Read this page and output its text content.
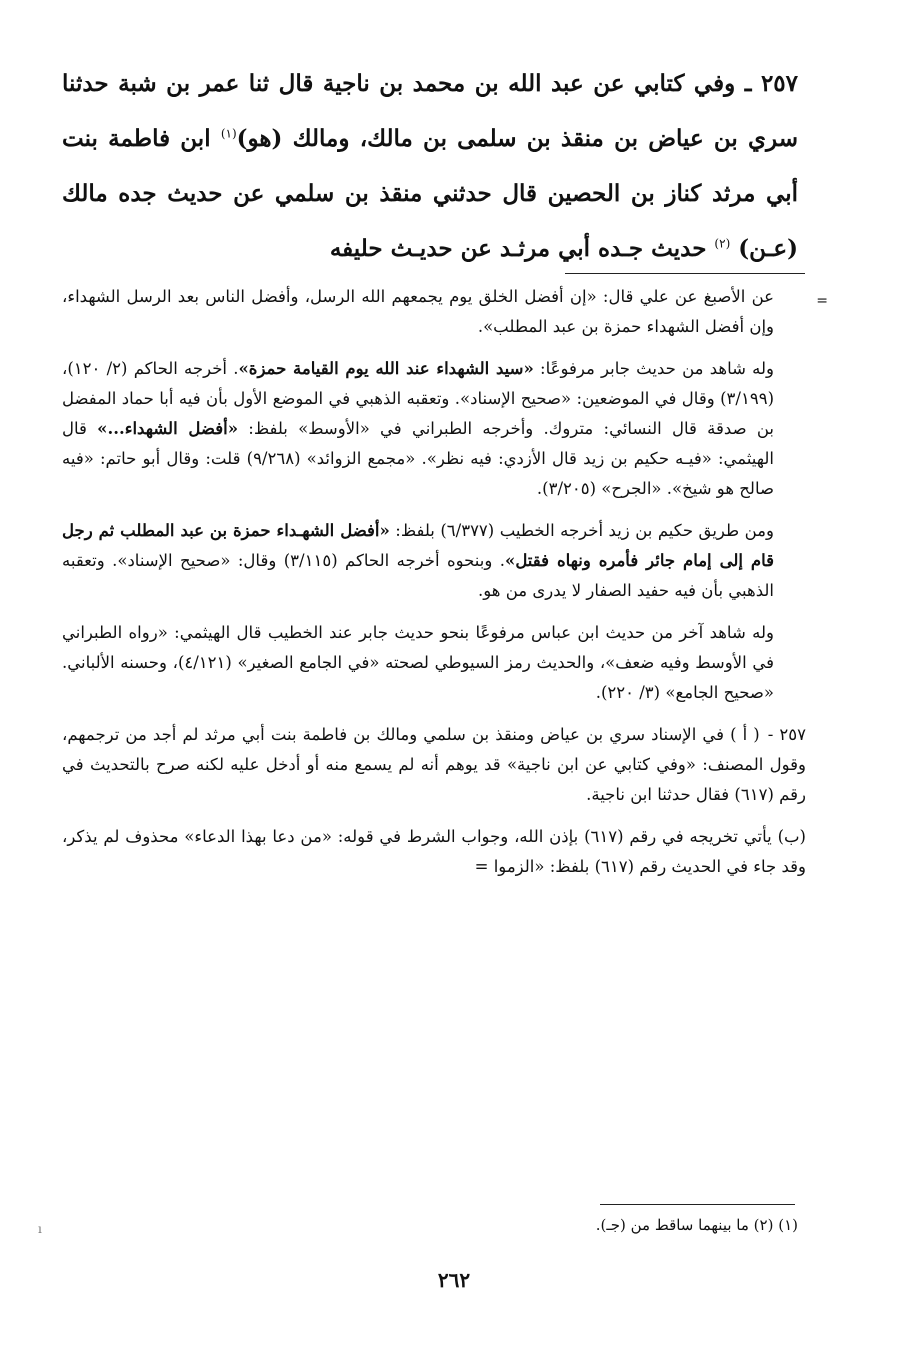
٢٥٧ ـ وفي كتابي عن عبد الله بن محمد بن ناجية قال ثنا عمر بن شبة حدثنا سري بن عياض بن منقذ بن سلمى بن مالك، ومالك (هو)$^{(١)}$ ابن فاطمة بنت أبي مرثد كناز بن الحصين قال حدثني منقذ بن سلمي عن حديث جده مالك (عـن) $^{(٢)}$ حديث جـده أبي مرثـد عن حديـث حليفه

=
عن الأصبغ عن علي قال: «إن أفضل الخلق يوم يجمعهم الله الرسل، وأفضل الناس بعد الرسل الشهداء، وإن أفضل الشهداء حمزة بن عبد المطلب».

وله شاهد من حديث جابر مرفوعًا: «سيد الشهداء عند الله يوم القيامة حمزة». أخرجه الحاكم (٢/ ١٢٠)، (٣/١٩٩) وقال في الموضعين: «صحيح الإسناد». وتعقبه الذهبي في الموضع الأول بأن فيه أبا حماد المفضل بن صدقة قال النسائي: متروك. وأخرجه الطبراني في «الأوسط» بلفظ: «أفضل الشهداء...» قال الهيثمي: «فيـه حكيم بن زيد قال الأزدي: فيه نظر». «مجمع الزوائد» (٩/٢٦٨) قلت: وقال أبو حاتم: «فيه صالح هو شيخ». «الجرح» (٣/٢٠٥).

ومن طريق حكيم بن زيد أخرجه الخطيب (٦/٣٧٧) بلفظ: «أفضل الشهـداء حمزة بن عبد المطلب ثم رجل قام إلى إمام جائر فأمره ونهاه فقتل». وبنحوه أخرجه الحاكم (٣/١١٥) وقال: «صحيح الإسناد». وتعقبه الذهبي بأن فيه حفيد الصفار لا يدرى من هو.

وله شاهد آخر من حديث ابن عباس مرفوعًا بنحو حديث جابر عند الخطيب قال الهيثمي: «رواه الطبراني في الأوسط وفيه ضعف»، والحديث رمز السيوطي لصحته «في الجامع الصغير» (٤/١٢١)، وحسنه الألباني. «صحيح الجامع» (٣/ ٢٢٠).

٢٥٧ -( أ ) في الإسناد سري بن عياض ومنقذ بن سلمي ومالك بن فاطمة بنت أبي مرثد لم أجد من ترجمهم، وقول المصنف: «وفي كتابي عن ابن ناجية» قد يوهم أنه لم يسمع منه أو أدخل عليه لكنه صرح بالتحديث في رقم (٦١٧) فقال حدثنا ابن ناجية.

(ب) يأتي تخريجه في رقم (٦١٧) بإذن الله، وجواب الشرط في قوله: «من دعا بهذا الدعاء» محذوف لم يذكر، وقد جاء في الحديث رقم (٦١٧) بلفظ: «الزموا =

(١) (٢) ما بينهما ساقط من (جـ).

ı
٢٦٢
